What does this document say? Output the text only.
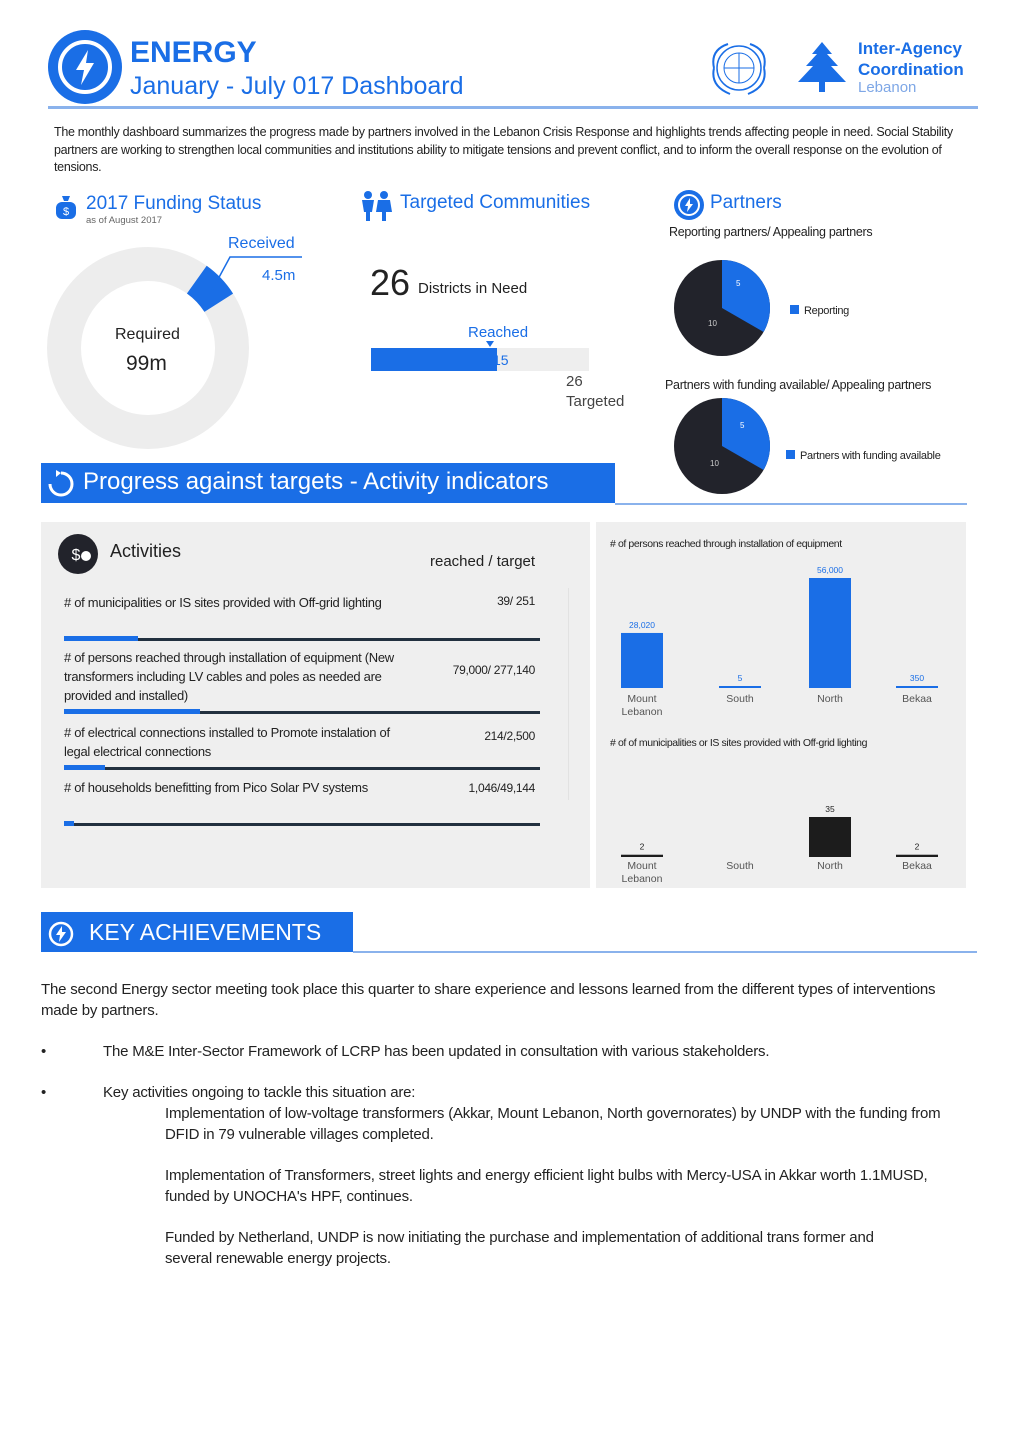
ENERGY
January - July 017 Dashboard
Inter-Agency
Coordination
Lebanon
The monthly dashboard summarizes the progress made by partners involved in the Lebanon Crisis Response and highlights trends affecting people in need. Social Stability partners are working to strengthen local communities and institutions ability to mitigate tensions and prevent conflict, and to inform the overall response on the evolution of tensions.
$ 2017 Funding Status
as of August 2017
Received
4.5m
Required
99m
Targeted Communities
26 Districts in Need
Reached
15
26
Targeted
Partners
Reporting partners/ Appealing partners
5
10
Reporting
Partners with funding available/ Appealing partners
5
10
Partners with funding available
Progress against targets - Activity indicators
$ Activities
reached / target
# of municipalities or IS sites provided with Off-grid lighting	39/ 251
# of persons reached through installation of equipment (New transformers including LV cables and poles as needed are provided and installed)
79,000/ 277,140
# of electrical connections installed to Promote instalation of legal electrical connections
214/2,500
# of households benefitting from Pico Solar PV systems	1,046/49,144
# of persons reached through installation of equipment
28,020
Mount
Lebanon
5
South
56,000
North
350
Bekaa
# of of municipalities or IS sites provided with Off-grid lighting
2
Mount
Lebanon
South
35
North
2
Bekaa
KEY ACHIEVEMENTS
The second Energy sector meeting took place this quarter to share experience and lessons learned from the different types of interventions made by partners.
•	The M&E Inter-Sector Framework of LCRP has been updated in consultation with various stakeholders.
•	Key activities ongoing to tackle this situation are:
Implementation of low-voltage transformers (Akkar, Mount Lebanon, North governorates) by UNDP with the funding from DFID in 79 vulnerable villages completed.
Implementation of Transformers, street lights and energy efficient light bulbs with Mercy-USA in Akkar worth 1.1MUSD, funded by UNOCHA's HPF, continues.
Funded by Netherland, UNDP is now initiating the purchase and implementation of additional trans former and several renewable energy projects.
